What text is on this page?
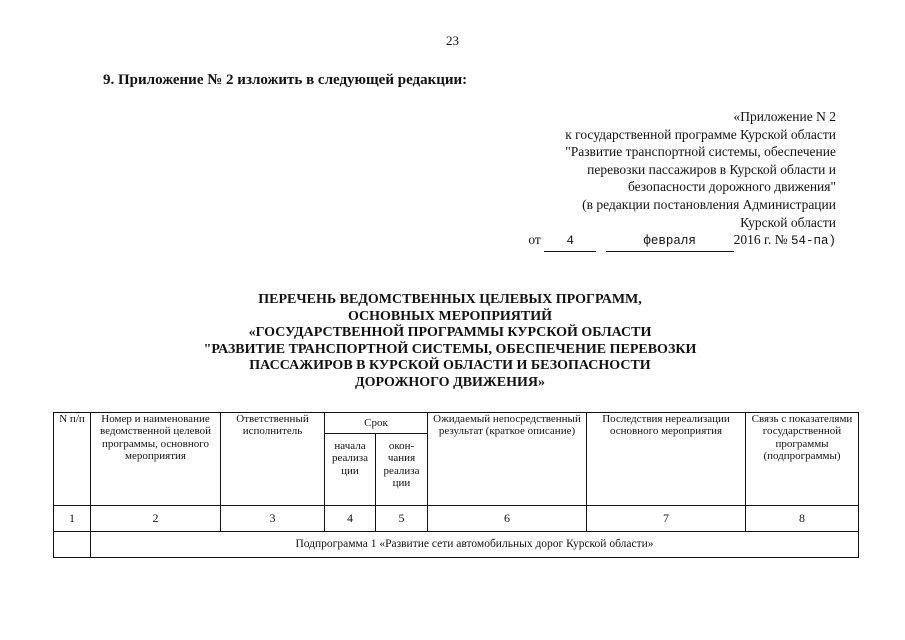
23
9. Приложение № 2 изложить в следующей редакции:
«Приложение N 2
к государственной программе Курской области
"Развитие транспортной системы, обеспечение
перевозки пассажиров в Курской области и
безопасности дорожного движения"
(в редакции постановления Администрации
Курской области
от 4	февраля	2016 г. № 54-па)
ПЕРЕЧЕНЬ ВЕДОМСТВЕННЫХ ЦЕЛЕВЫХ ПРОГРАММ,
ОСНОВНЫХ МЕРОПРИЯТИЙ
«ГОСУДАРСТВЕННОЙ ПРОГРАММЫ КУРСКОЙ ОБЛАСТИ
"РАЗВИТИЕ ТРАНСПОРТНОЙ СИСТЕМЫ, ОБЕСПЕЧЕНИЕ ПЕРЕВОЗКИ
ПАССАЖИРОВ В КУРСКОЙ ОБЛАСТИ И БЕЗОПАСНОСТИ
ДОРОЖНОГО ДВИЖЕНИЯ»
N п/п	Номер и наименование ведомственной целевой программы, основного мероприятия	Ответственный исполнитель	Срок		Ожидаемый непосредственный результат (краткое описание)	Последствия нереализации основного мероприятия	Связь с показателями государственной программы (подпрограммы)
			начала реализа ции	окон- чания реализа ции			
1	2	3	4	5	6	7	8
	Подпрограмма 1 «Развитие сети автомобильных дорог Курской области»						
